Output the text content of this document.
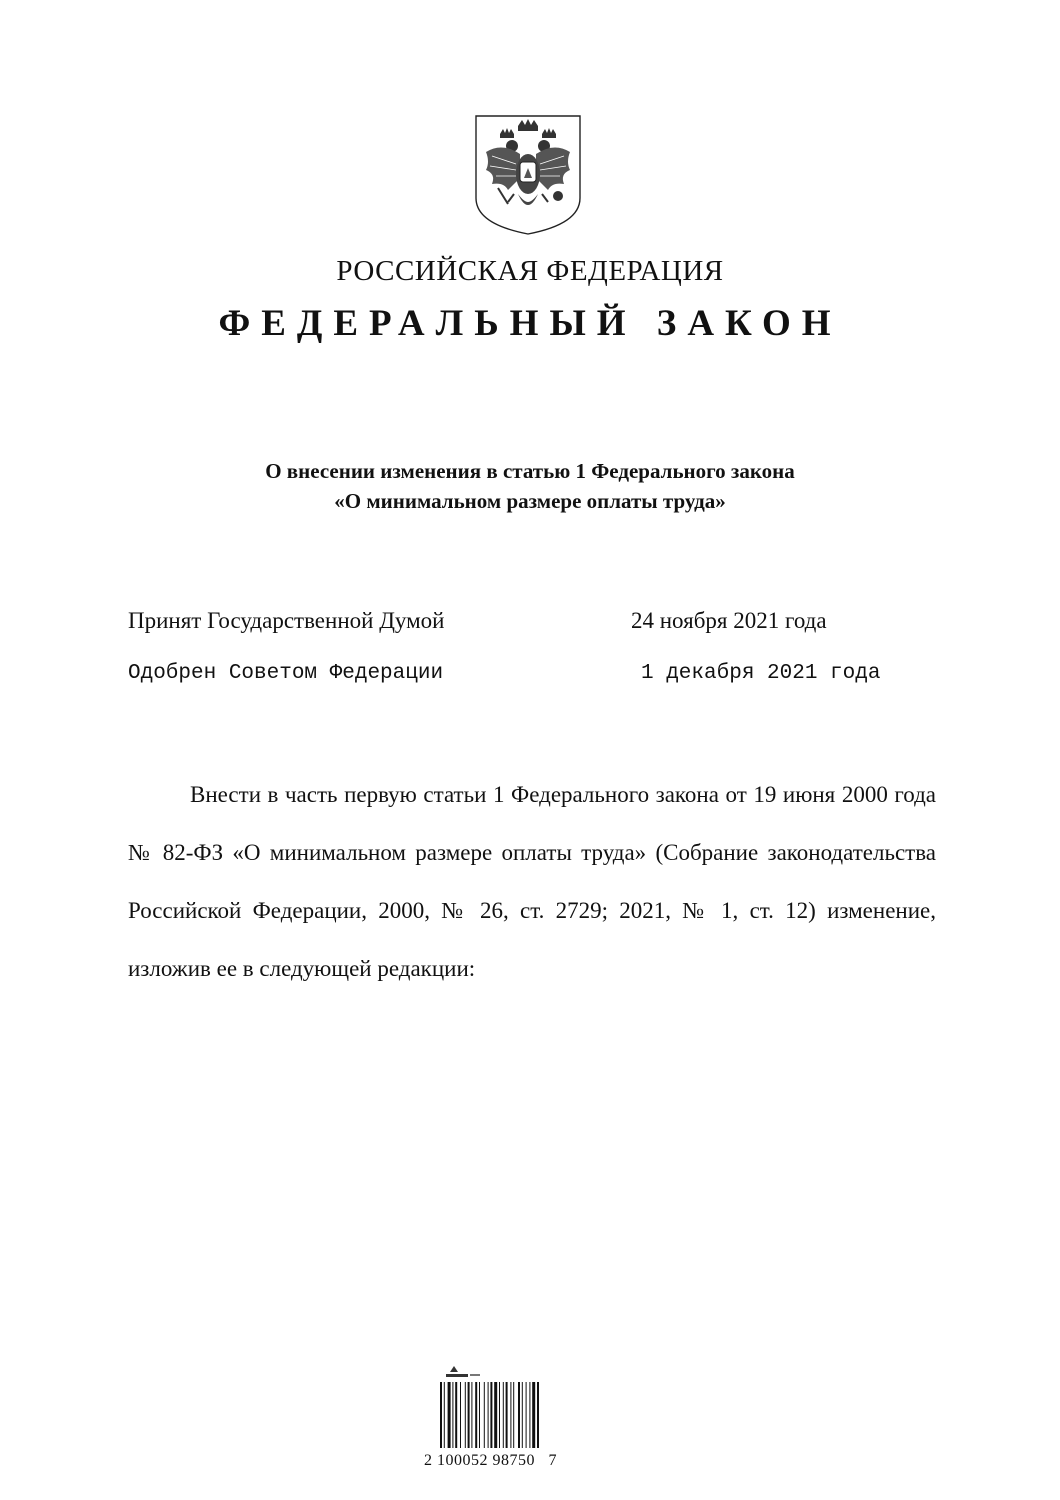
РОССИЙСКАЯ ФЕДЕРАЦИЯ
ФЕДЕРАЛЬНЫЙ ЗАКОН
О внесении изменения в статью 1 Федерального закона
«О минимальном размере оплаты труда»
Принят Государственной Думой	24 ноября 2021 года
Одобрен Советом Федерации	1 декабря 2021 года
Внести в часть первую статьи 1 Федерального закона от 19 июня 2000 года № 82-ФЗ «О минимальном размере оплаты труда» (Собрание законодательства Российской Федерации, 2000, № 26, ст. 2729; 2021, № 1, ст. 12) изменение, изложив ее в следующей редакции:
2 100052 98750   7
